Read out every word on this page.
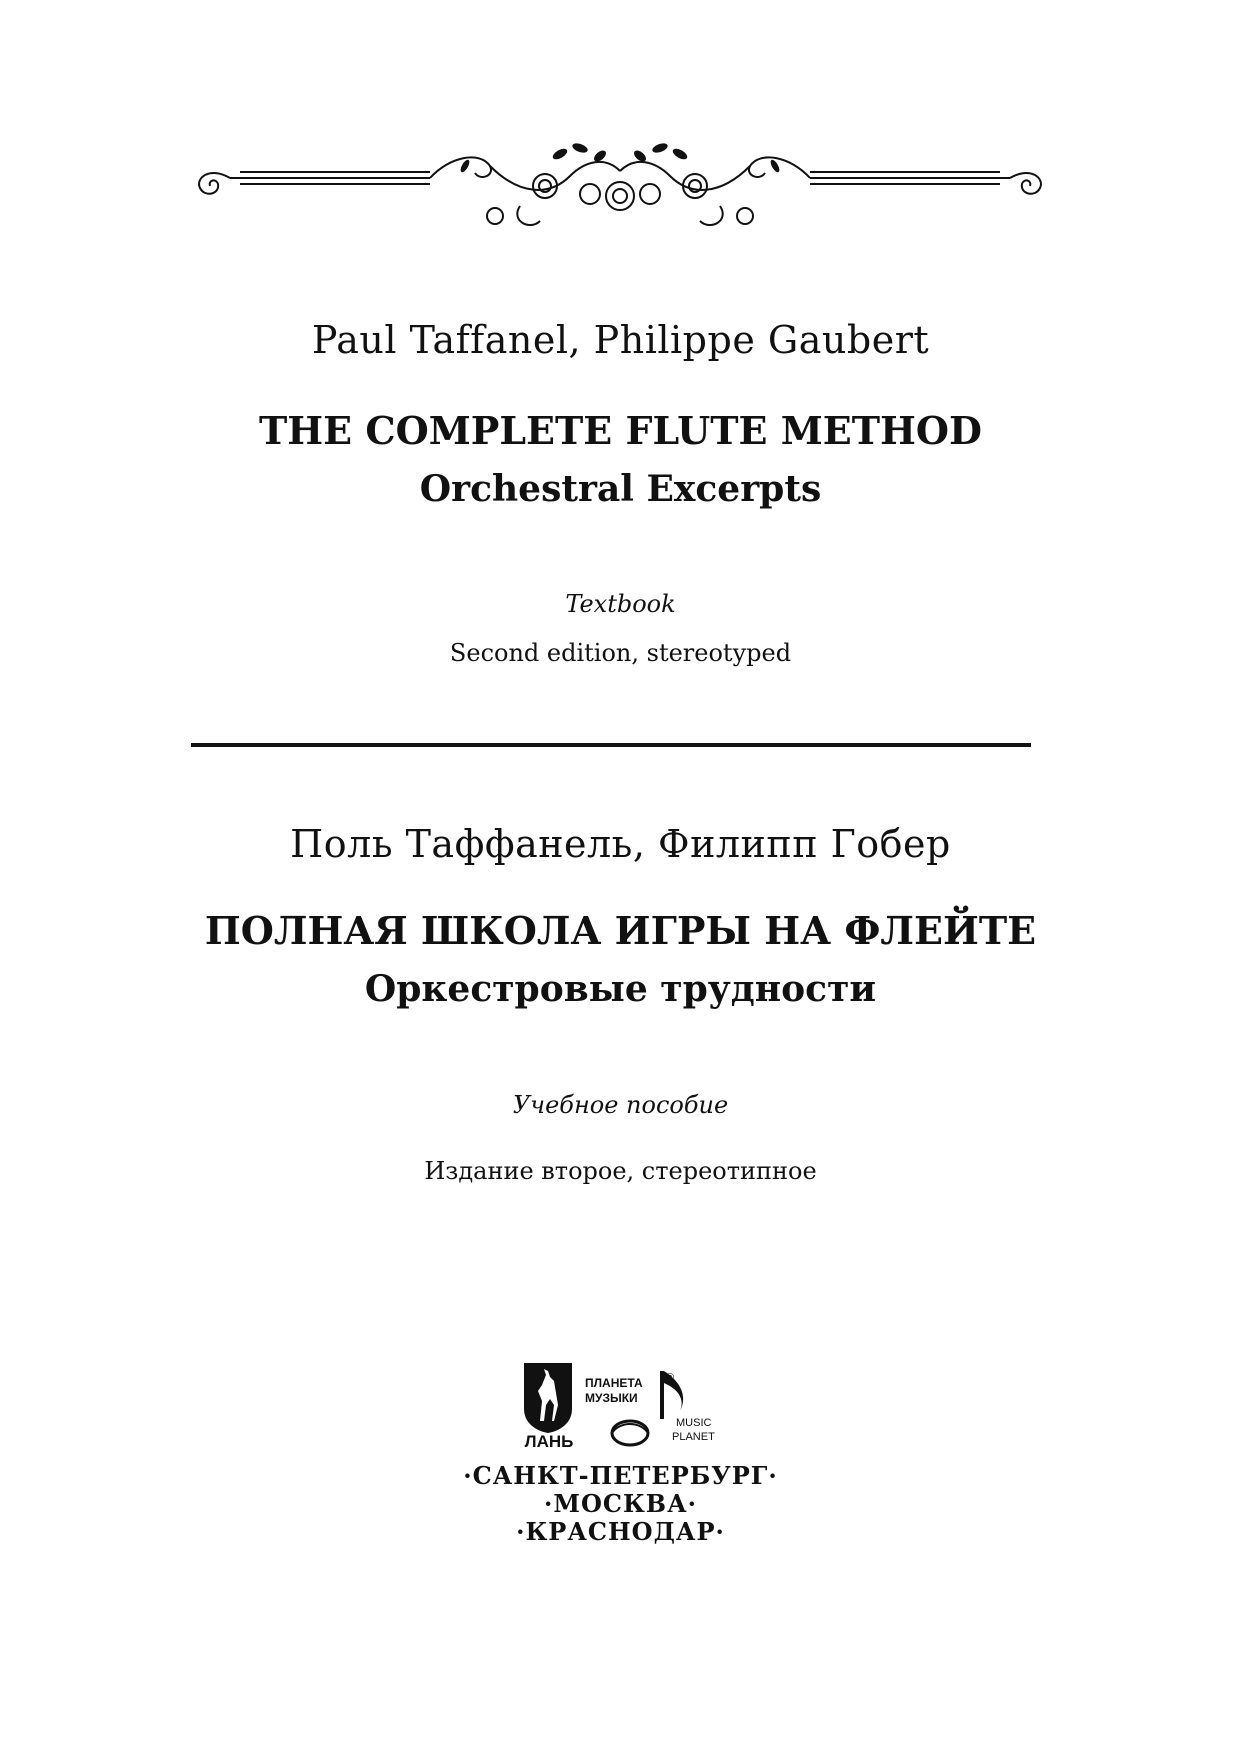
Paul Taffanel, Philippe Gaubert
THE COMPLETE FLUTE METHOD
Orchestral Excerpts
Textbook
Second edition, stereotyped
Поль Таффанель, Филипп Гобер
ПОЛНАЯ ШКОЛА ИГРЫ НА ФЛЕЙТЕ
Оркестровые трудности
Учебное пособие
Издание второе, стереотипное
ЛАНЬ
ПЛАНЕТА
МУЗЫКИ
®
MUSIC
PLANET
·САНКТ-ПЕТЕРБУРГ·
·МОСКВА·
·КРАСНОДАР·
